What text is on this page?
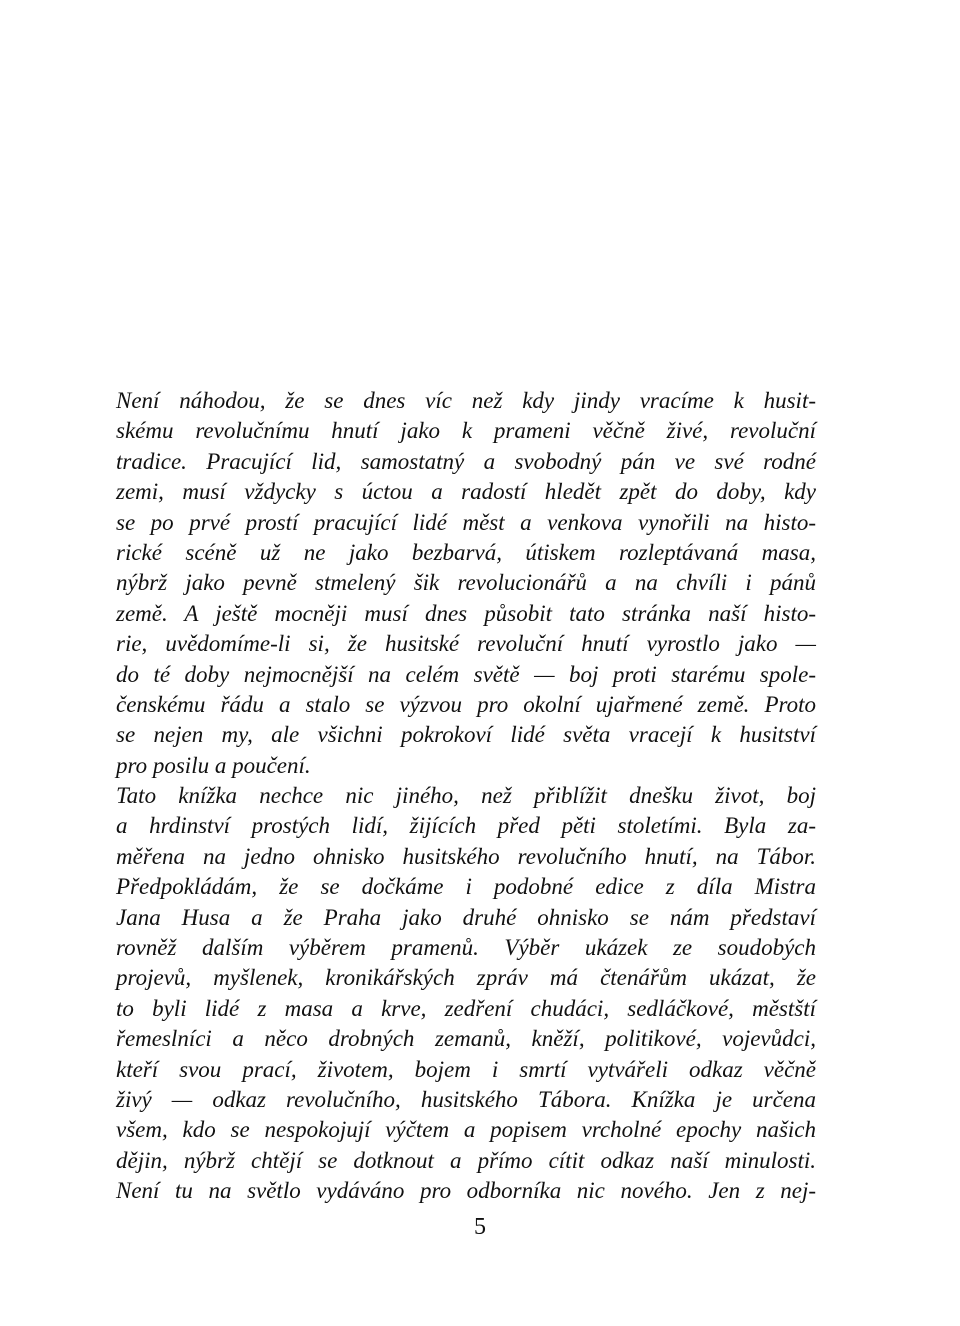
Není náhodou, že se dnes víc než kdy jindy vracíme k husit-
skému revolučnímu hnutí jako k prameni věčně živé, revoluční
tradice. Pracující lid, samostatný a svobodný pán ve své rodné
zemi, musí vždycky s úctou a radostí hledět zpět do doby, kdy
se po prvé prostí pracující lidé měst a venkova vynořili na histo-
rické scéně už ne jako bezbarvá, útiskem rozleptávaná masa,
nýbrž jako pevně stmelený šik revolucionářů a na chvíli i pánů
země. A ještě mocněji musí dnes působit tato stránka naší histo-
rie, uvědomíme-li si, že husitské revoluční hnutí vyrostlo jako —
do té doby nejmocnější na celém světě — boj proti starému spole-
čenskému řádu a stalo se výzvou pro okolní ujařmené země. Proto
se nejen my, ale všichni pokrokoví lidé světa vracejí k husitství
pro posilu a poučení.
Tato knížka nechce nic jiného, než přiblížit dnešku život, boj
a hrdinství prostých lidí, žijících před pěti stoletími. Byla za-
měřena na jedno ohnisko husitského revolučního hnutí, na Tábor.
Předpokládám, že se dočkáme i podobné edice z díla Mistra
Jana Husa a že Praha jako druhé ohnisko se nám představí
rovněž dalším výběrem pramenů. Výběr ukázek ze soudobých
projevů, myšlenek, kronikářských zpráv má čtenářům ukázat, že
to byli lidé z masa a krve, zedření chudáci, sedláčkové, městští
řemeslníci a něco drobných zemanů, kněží, politikové, vojevůdci,
kteří svou prací, životem, bojem i smrtí vytvářeli odkaz věčně
živý — odkaz revolučního, husitského Tábora. Knížka je určena
všem, kdo se nespokojují výčtem a popisem vrcholné epochy našich
dějin, nýbrž chtějí se dotknout a přímo cítit odkaz naší minulosti.
Není tu na světlo vydáváno pro odborníka nic nového. Jen z nej-
5
